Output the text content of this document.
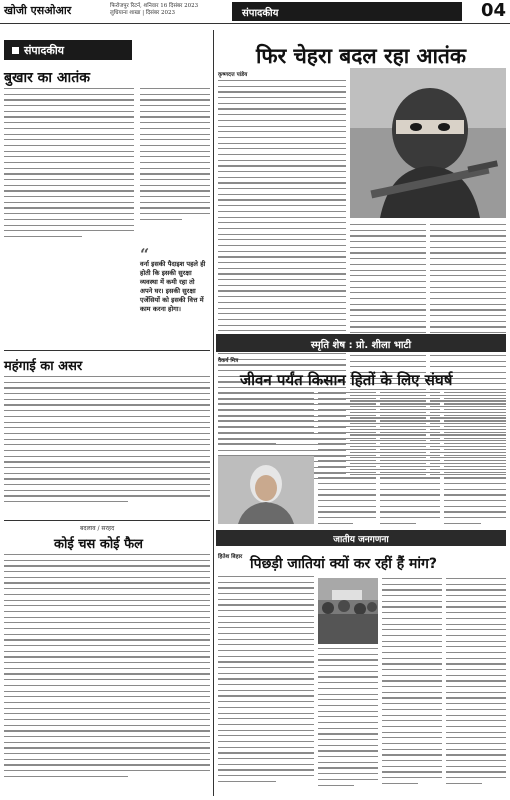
खोजी एसओआर	फिरोजपुर रिटर्न, शनिवार 16 दिसंबर 2023
लुधियाना शाखा | दिसंबर 2023	संपादकीय	04
संपादकीय
बुखार का आतंक
महंगाई का असर
बदलाव / सरहद
कोई चस कोई फैल
फिर चेहरा बदल रहा आतंक
कृष्णदत्त पांडेय
“
वर्ना इसकी पैदाइश पहले ही होती कि इसकी सुरक्षा व्यवस्था में कमी रहा तो अपने घर। इसकी सुरक्षा एजेंसियों को इसकी वित्त में काम करना होगा।
स्मृति शेष : प्रो. शीला भाटी
वैकर्य मित्र
जीवन पर्यंत किसान हितों के लिए संघर्ष
जातीय जनगणना
हितेश बिहार पिछड़ी जातियां क्यों कर रहीं हैं मांग?
